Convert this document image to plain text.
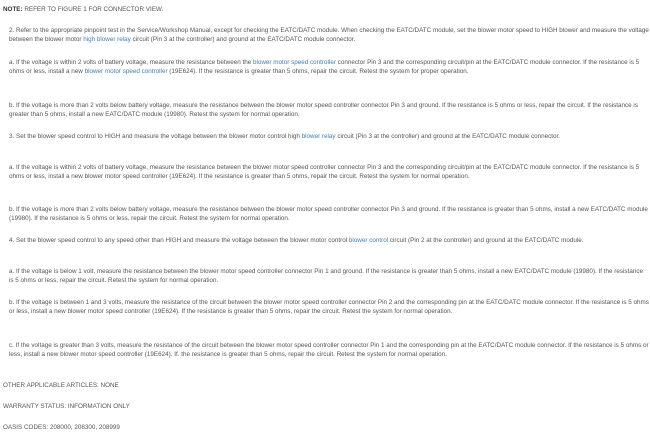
NOTE: REFER TO FIGURE 1 FOR CONNECTOR VIEW.

2. Refer to the appropriate pinpoint test in the Service/Workshop Manual, except for checking the EATC/DATC module. When checking the EATC/DATC module, set the blower motor speed to HIGH blower and measure the voltage between the blower motor high blower relay circuit (Pin 3 at the controller) and ground at the EATC/DATC module connector.

a. If the voltage is within 2 volts of battery voltage, measure the resistance between the blower motor speed controller connector Pin 3 and the corresponding circuit/pin at the EATC/DATC module connector. If the resistance is 5 ohms or less, install a new blower motor speed controller (19E624). If the resistance is greater than 5 ohms, repair the circuit. Retest the system for proper operation.

b. If the voltage is more than 2 volts below battery voltage, measure the resistance between the blower motor speed controller connector Pin 3 and ground. If the resistance is 5 ohms or less, repair the circuit. If the resistance is greater than 5 ohms, install a new EATC/DATC module (19980). Retest the system for normal operation.

3. Set the blower speed control to HIGH and measure the voltage between the blower motor control high blower relay circuit (Pin 3 at the controller) and ground at the EATC/DATC module connector.

a. If the voltage is within 2 volts of battery voltage, measure the resistance between the blower motor speed controller connector Pin 3 and the corresponding circuit/pin at the EATC/DATC module connector. If the resistance is 5 ohms or less, install a new blower motor speed controller (19E624). If the resistance is greater than 5 ohms, repair the circuit. Retest the system for normal operation.

b. If the voltage is more than 2 volts below battery voltage, measure the resistance between the blower motor speed controller connector Pin 3 and ground. If the resistance is greater than 5 ohms, install a new EATC/DATC module (19980). If the resistance is 5 ohms or less, repair the circuit. Retest the system for normal operation.

4. Set the blower speed control to any speed other than HIGH and measure the voltage between the blower motor control blower control circuit (Pin 2 at the controller) and ground at the EATC/DATC module.

a. If the voltage is below 1 volt, measure the resistance between the blower motor speed controller connector Pin 1 and ground. If the resistance is greater than 5 ohms, install a new EATC/DATC module (19980). If the resistance is 5 ohms or less, repair the circuit. Retest the system for normal operation.

b. If the voltage is between 1 and 3 volts, measure the resistance of the circuit between the blower motor speed controller connector Pin 2 and the corresponding pin at the EATC/DATC module connector. If the resistance is 5 ohms or less, install a new blower motor speed controller (19E624). If the resistance is greater than 5 ohms, repair the circuit. Retest the system for normal operation.

c. If the voltage is greater than 3 volts, measure the resistance of the circuit between the blower motor speed controller connector Pin 1 and the corresponding pin at the EATC/DATC module connector. If the resistance is 5 ohms or less, install a new blower motor speed controller (19E624). If. the resistance is greater than 5 ohms, repair the circuit. Retest the system for normal operation.

OTHER APPLICABLE ARTICLES: NONE

WARRANTY STATUS: INFORMATION ONLY

OASIS CODES: 208000, 208300, 208999
